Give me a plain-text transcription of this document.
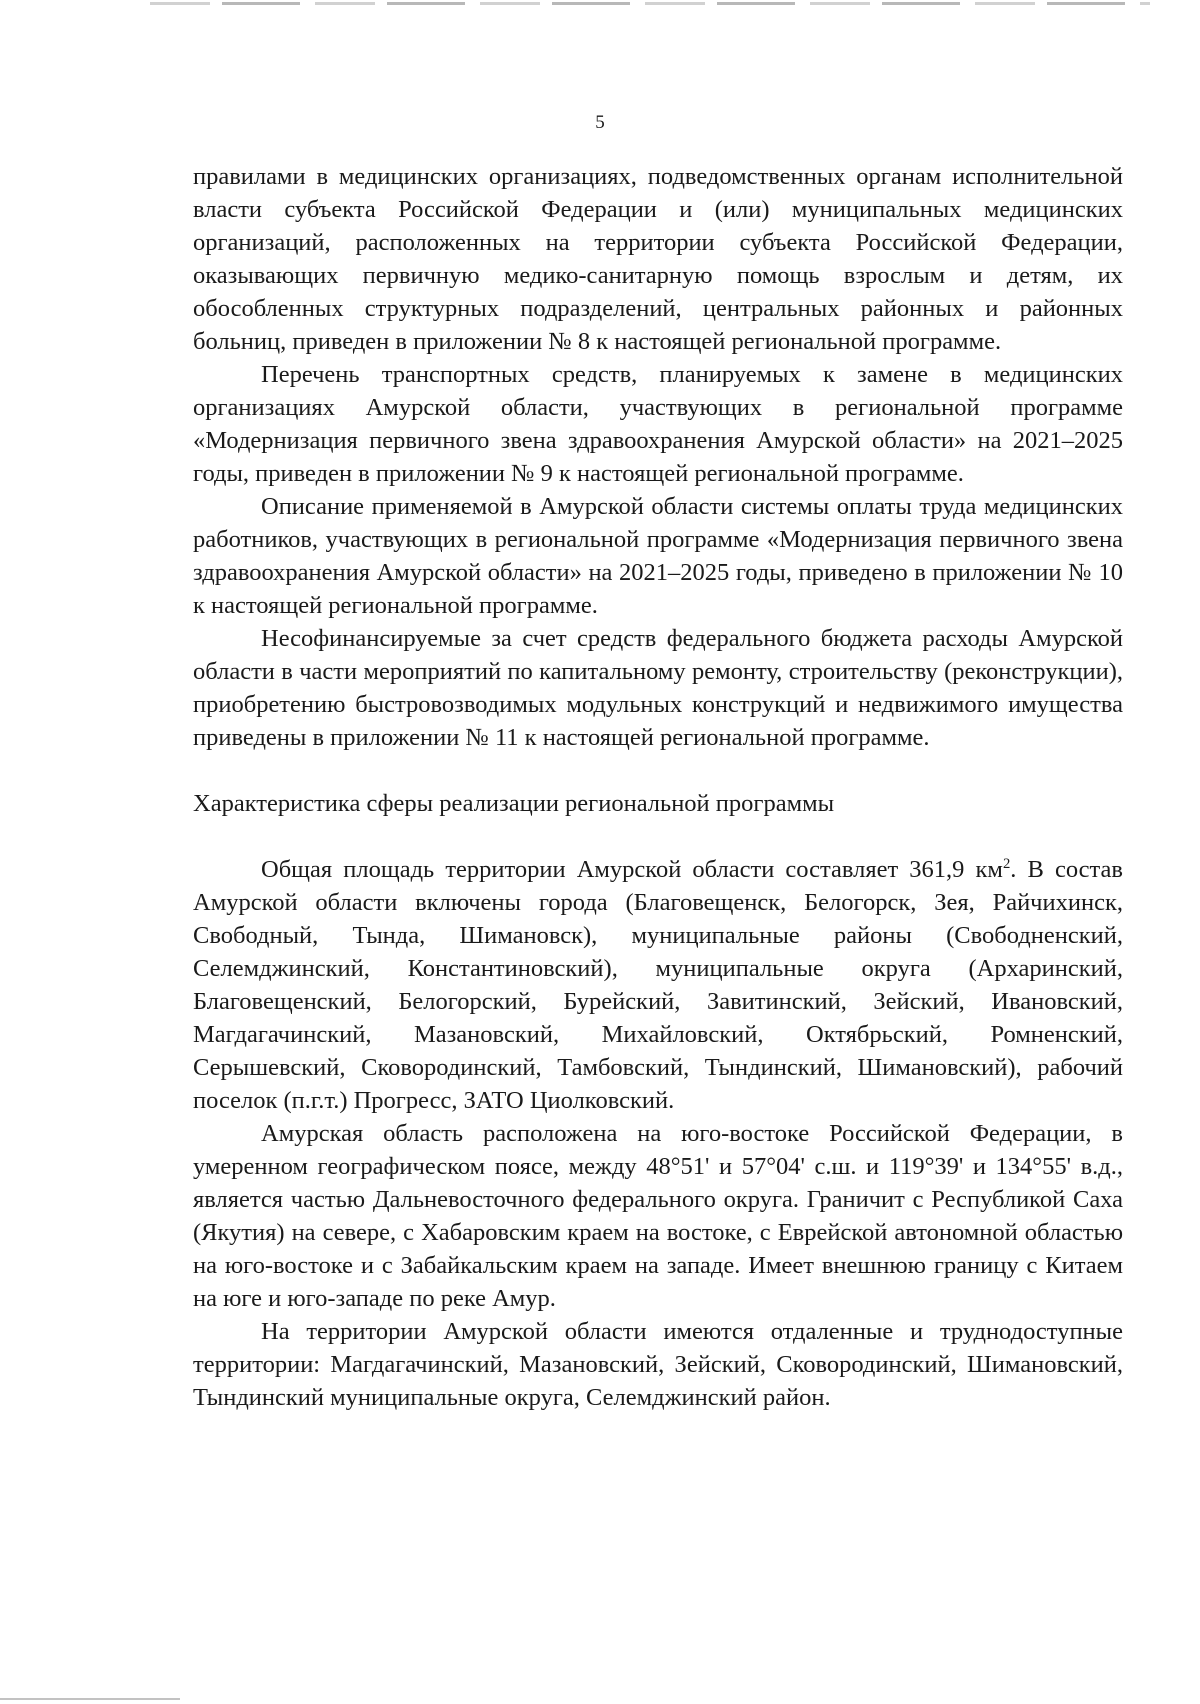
5

правилами в медицинских организациях, подведомственных органам исполнительной власти субъекта Российской Федерации и (или) муниципальных медицинских организаций, расположенных на территории субъекта Российской Федерации, оказывающих первичную медико-санитарную помощь взрослым и детям, их обособленных структурных подразделений, центральных районных и районных больниц, приведен в приложении № 8 к настоящей региональной программе.

Перечень транспортных средств, планируемых к замене в медицинских организациях Амурской области, участвующих в региональной программе «Модернизация первичного звена здравоохранения Амурской области» на 2021–2025 годы, приведен в приложении № 9 к настоящей региональной программе.

Описание применяемой в Амурской области системы оплаты труда медицинских работников, участвующих в региональной программе «Модернизация первичного звена здравоохранения Амурской области» на 2021–2025 годы, приведено в приложении № 10 к настоящей региональной программе.

Несофинансируемые за счет средств федерального бюджета расходы Амурской области в части мероприятий по капитальному ремонту, строительству (реконструкции), приобретению быстровозводимых модульных конструкций и недвижимого имущества приведены в приложении № 11 к настоящей региональной программе.

Характеристика сферы реализации региональной программы

Общая площадь территории Амурской области составляет 361,9 $км^2$. В состав Амурской области включены города (Благовещенск, Белогорск, Зея, Райчихинск, Свободный, Тында, Шимановск), муниципальные районы (Свободненский, Селемджинский, Константиновский), муниципальные округа (Архаринский, Благовещенский, Белогорский, Бурейский, Завитинский, Зейский, Ивановский, Магдагачинский, Мазановский, Михайловский, Октябрьский, Ромненский, Серышевский, Сковородинский, Тамбовский, Тындинский, Шимановский), рабочий поселок (п.г.т.) Прогресс, ЗАТО Циолковский.

Амурская область расположена на юго-востоке Российской Федерации, в умеренном географическом поясе, между 48°51' и 57°04' с.ш. и 119°39' и 134°55' в.д., является частью Дальневосточного федерального округа. Граничит с Республикой Саха (Якутия) на севере, с Хабаровским краем на востоке, с Еврейской автономной областью на юго-востоке и с Забайкальским краем на западе. Имеет внешнюю границу с Китаем на юге и юго-западе по реке Амур.

На территории Амурской области имеются отдаленные и труднодоступные территории: Магдагачинский, Мазановский, Зейский, Сковородинский, Шимановский, Тындинский муниципальные округа, Селемджинский район.
